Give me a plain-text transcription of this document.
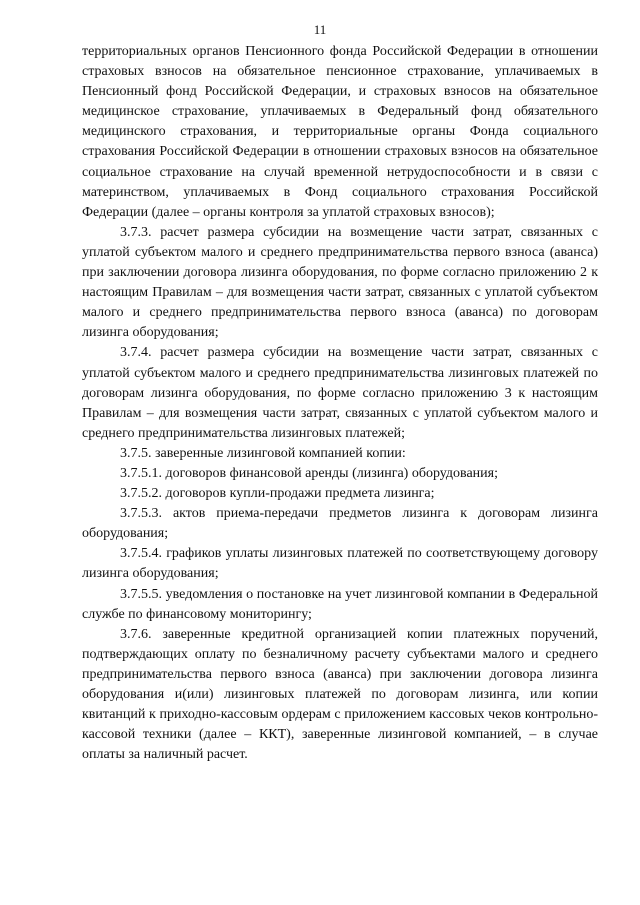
11

территориальных органов Пенсионного фонда Российской Федерации в отношении страховых взносов на обязательное пенсионное страхование, уплачиваемых в Пенсионный фонд Российской Федерации, и страховых взносов на обязательное медицинское страхование, уплачиваемых в Федеральный фонд обязательного медицинского страхования, и территориальные органы Фонда социального страхования Российской Федерации в отношении страховых взносов на обязательное социальное страхование на случай временной нетрудоспособности и в связи с материнством, уплачиваемых в Фонд социального страхования Российской Федерации (далее – органы контроля за уплатой страховых взносов);

3.7.3. расчет размера субсидии на возмещение части затрат, связанных с уплатой субъектом малого и среднего предпринимательства первого взноса (аванса) при заключении договора лизинга оборудования, по форме согласно приложению 2 к настоящим Правилам – для возмещения части затрат, связанных с уплатой субъектом малого и среднего предпринимательства первого взноса (аванса) по договорам лизинга оборудования;

3.7.4. расчет размера субсидии на возмещение части затрат, связанных с уплатой субъектом малого и среднего предпринимательства лизинговых платежей по договорам лизинга оборудования, по форме согласно приложению 3 к настоящим Правилам – для возмещения части затрат, связанных с уплатой субъектом малого и среднего предпринимательства лизинговых платежей;

3.7.5. заверенные лизинговой компанией копии:

3.7.5.1. договоров финансовой аренды (лизинга) оборудования;

3.7.5.2. договоров купли-продажи предмета лизинга;

3.7.5.3. актов приема-передачи предметов лизинга к договорам лизинга оборудования;

3.7.5.4. графиков уплаты лизинговых платежей по соответствующему договору лизинга оборудования;

3.7.5.5. уведомления о постановке на учет лизинговой компании в Федеральной службе по финансовому мониторингу;

3.7.6. заверенные кредитной организацией копии платежных поручений, подтверждающих оплату по безналичному расчету субъектами малого и среднего предпринимательства первого взноса (аванса) при заключении договора лизинга оборудования и(или) лизинговых платежей по договорам лизинга, или копии квитанций к приходно-кассовым ордерам с приложением кассовых чеков контрольно-кассовой техники (далее – ККТ), заверенные лизинговой компанией, – в случае оплаты за наличный расчет.
